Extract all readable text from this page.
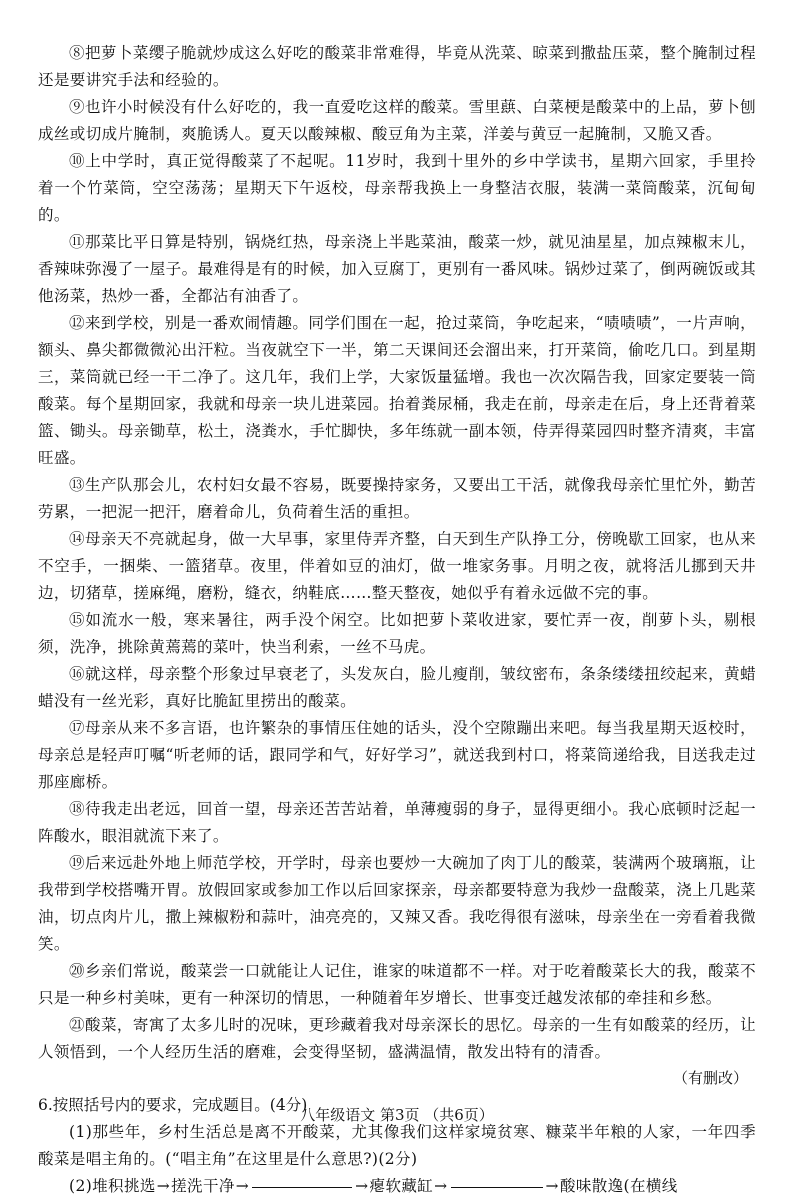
⑧把萝卜菜缨子脆就炒成这么好吃的酸菜非常难得，毕竟从洗菜、晾菜到撒盐压菜，整个腌制过程还是要讲究手法和经验的。

⑨也许小时候没有什么好吃的，我一直爱吃这样的酸菜。雪里蕻、白菜梗是酸菜中的上品，萝卜刨成丝或切成片腌制，爽脆诱人。夏天以酸辣椒、酸豆角为主菜，洋姜与黄豆一起腌制，又脆又香。

⑩上中学时，真正觉得酸菜了不起呢。11岁时，我到十里外的乡中学读书，星期六回家，手里拎着一个竹菜筒，空空荡荡；星期天下午返校，母亲帮我换上一身整洁衣服，装满一菜筒酸菜，沉甸甸的。

⑪那菜比平日算是特别，锅烧红热，母亲浇上半匙菜油，酸菜一炒，就见油星星，加点辣椒末儿，香辣味弥漫了一屋子。最难得是有的时候，加入豆腐丁，更别有一番风味。锅炒过菜了，倒两碗饭或其他汤菜，热炒一番，全都沾有油香了。

⑫来到学校，别是一番欢闹情趣。同学们围在一起，抢过菜筒，争吃起来，“啧啧啧”，一片声响，额头、鼻尖都微微沁出汗粒。当夜就空下一半，第二天课间还会溜出来，打开菜筒，偷吃几口。到星期三，菜筒就已经一干二净了。这几年，我们上学，大家饭量猛增。我也一次次隔告我，回家定要装一筒酸菜。每个星期回家，我就和母亲一块儿进菜园。抬着粪尿桶，我走在前，母亲走在后，身上还背着菜篮、锄头。母亲锄草，松土，浇粪水，手忙脚快，多年练就一副本领，侍弄得菜园四时整齐清爽，丰富旺盛。

⑬生产队那会儿，农村妇女最不容易，既要操持家务，又要出工干活，就像我母亲忙里忙外，勤苦劳累，一把泥一把汗，磨着命儿，负荷着生活的重担。

⑭母亲天不亮就起身，做一大早事，家里侍弄齐整，白天到生产队挣工分，傍晚歇工回家，也从来不空手，一捆柴、一篮猪草。夜里，伴着如豆的油灯，做一堆家务事。月明之夜，就将活儿挪到天井边，切猪草，搓麻绳，磨粉，缝衣，纳鞋底……整天整夜，她似乎有着永远做不完的事。

⑮如流水一般，寒来暑往，两手没个闲空。比如把萝卜菜收进家，要忙弄一夜，削萝卜头，剔根须，洗净，挑除黄蔫蔫的菜叶，快当利索，一丝不马虎。

⑯就这样，母亲整个形象过早衰老了，头发灰白，脸儿瘦削，皱纹密布，条条缕缕扭绞起来，黄蜡蜡没有一丝光彩，真好比脆缸里捞出的酸菜。

⑰母亲从来不多言语，也许繁杂的事情压住她的话头，没个空隙蹦出来吧。每当我星期天返校时，母亲总是轻声叮嘱“听老师的话，跟同学和气，好好学习”，就送我到村口，将菜筒递给我，目送我走过那座廊桥。

⑱待我走出老远，回首一望，母亲还苦苦站着，单薄瘦弱的身子，显得更细小。我心底顿时泛起一阵酸水，眼泪就流下来了。

⑲后来远赴外地上师范学校，开学时，母亲也要炒一大碗加了肉丁儿的酸菜，装满两个玻璃瓶，让我带到学校搭嘴开胃。放假回家或参加工作以后回家探亲，母亲都要特意为我炒一盘酸菜，浇上几匙菜油，切点肉片儿，撒上辣椒粉和蒜叶，油亮亮的，又辣又香。我吃得很有滋味，母亲坐在一旁看着我微笑。

⑳乡亲们常说，酸菜尝一口就能让人记住，谁家的味道都不一样。对于吃着酸菜长大的我，酸菜不只是一种乡村美味，更有一种深切的情思，一种随着年岁增长、世事变迁越发浓郁的牵挂和乡愁。

㉑酸菜，寄寓了太多儿时的况味，更珍藏着我对母亲深长的思忆。母亲的一生有如酸菜的经历，让人领悟到，一个人经历生活的磨难，会变得坚韧，盛满温情，散发出特有的清香。

（有删改）

6.按照括号内的要求，完成题目。(4分)

(1)那些年，乡村生活总是离不开酸菜，尤其像我们这样家境贫寒、糠菜半年粮的人家，一年四季酸菜是唱主角的。(“唱主角”在这里是什么意思?)(2分)

(2)堆积挑选→搓洗干净→	→瘪软藏缸→	→酸味散逸(在横线

八年级语文 第3页 （共6页）
